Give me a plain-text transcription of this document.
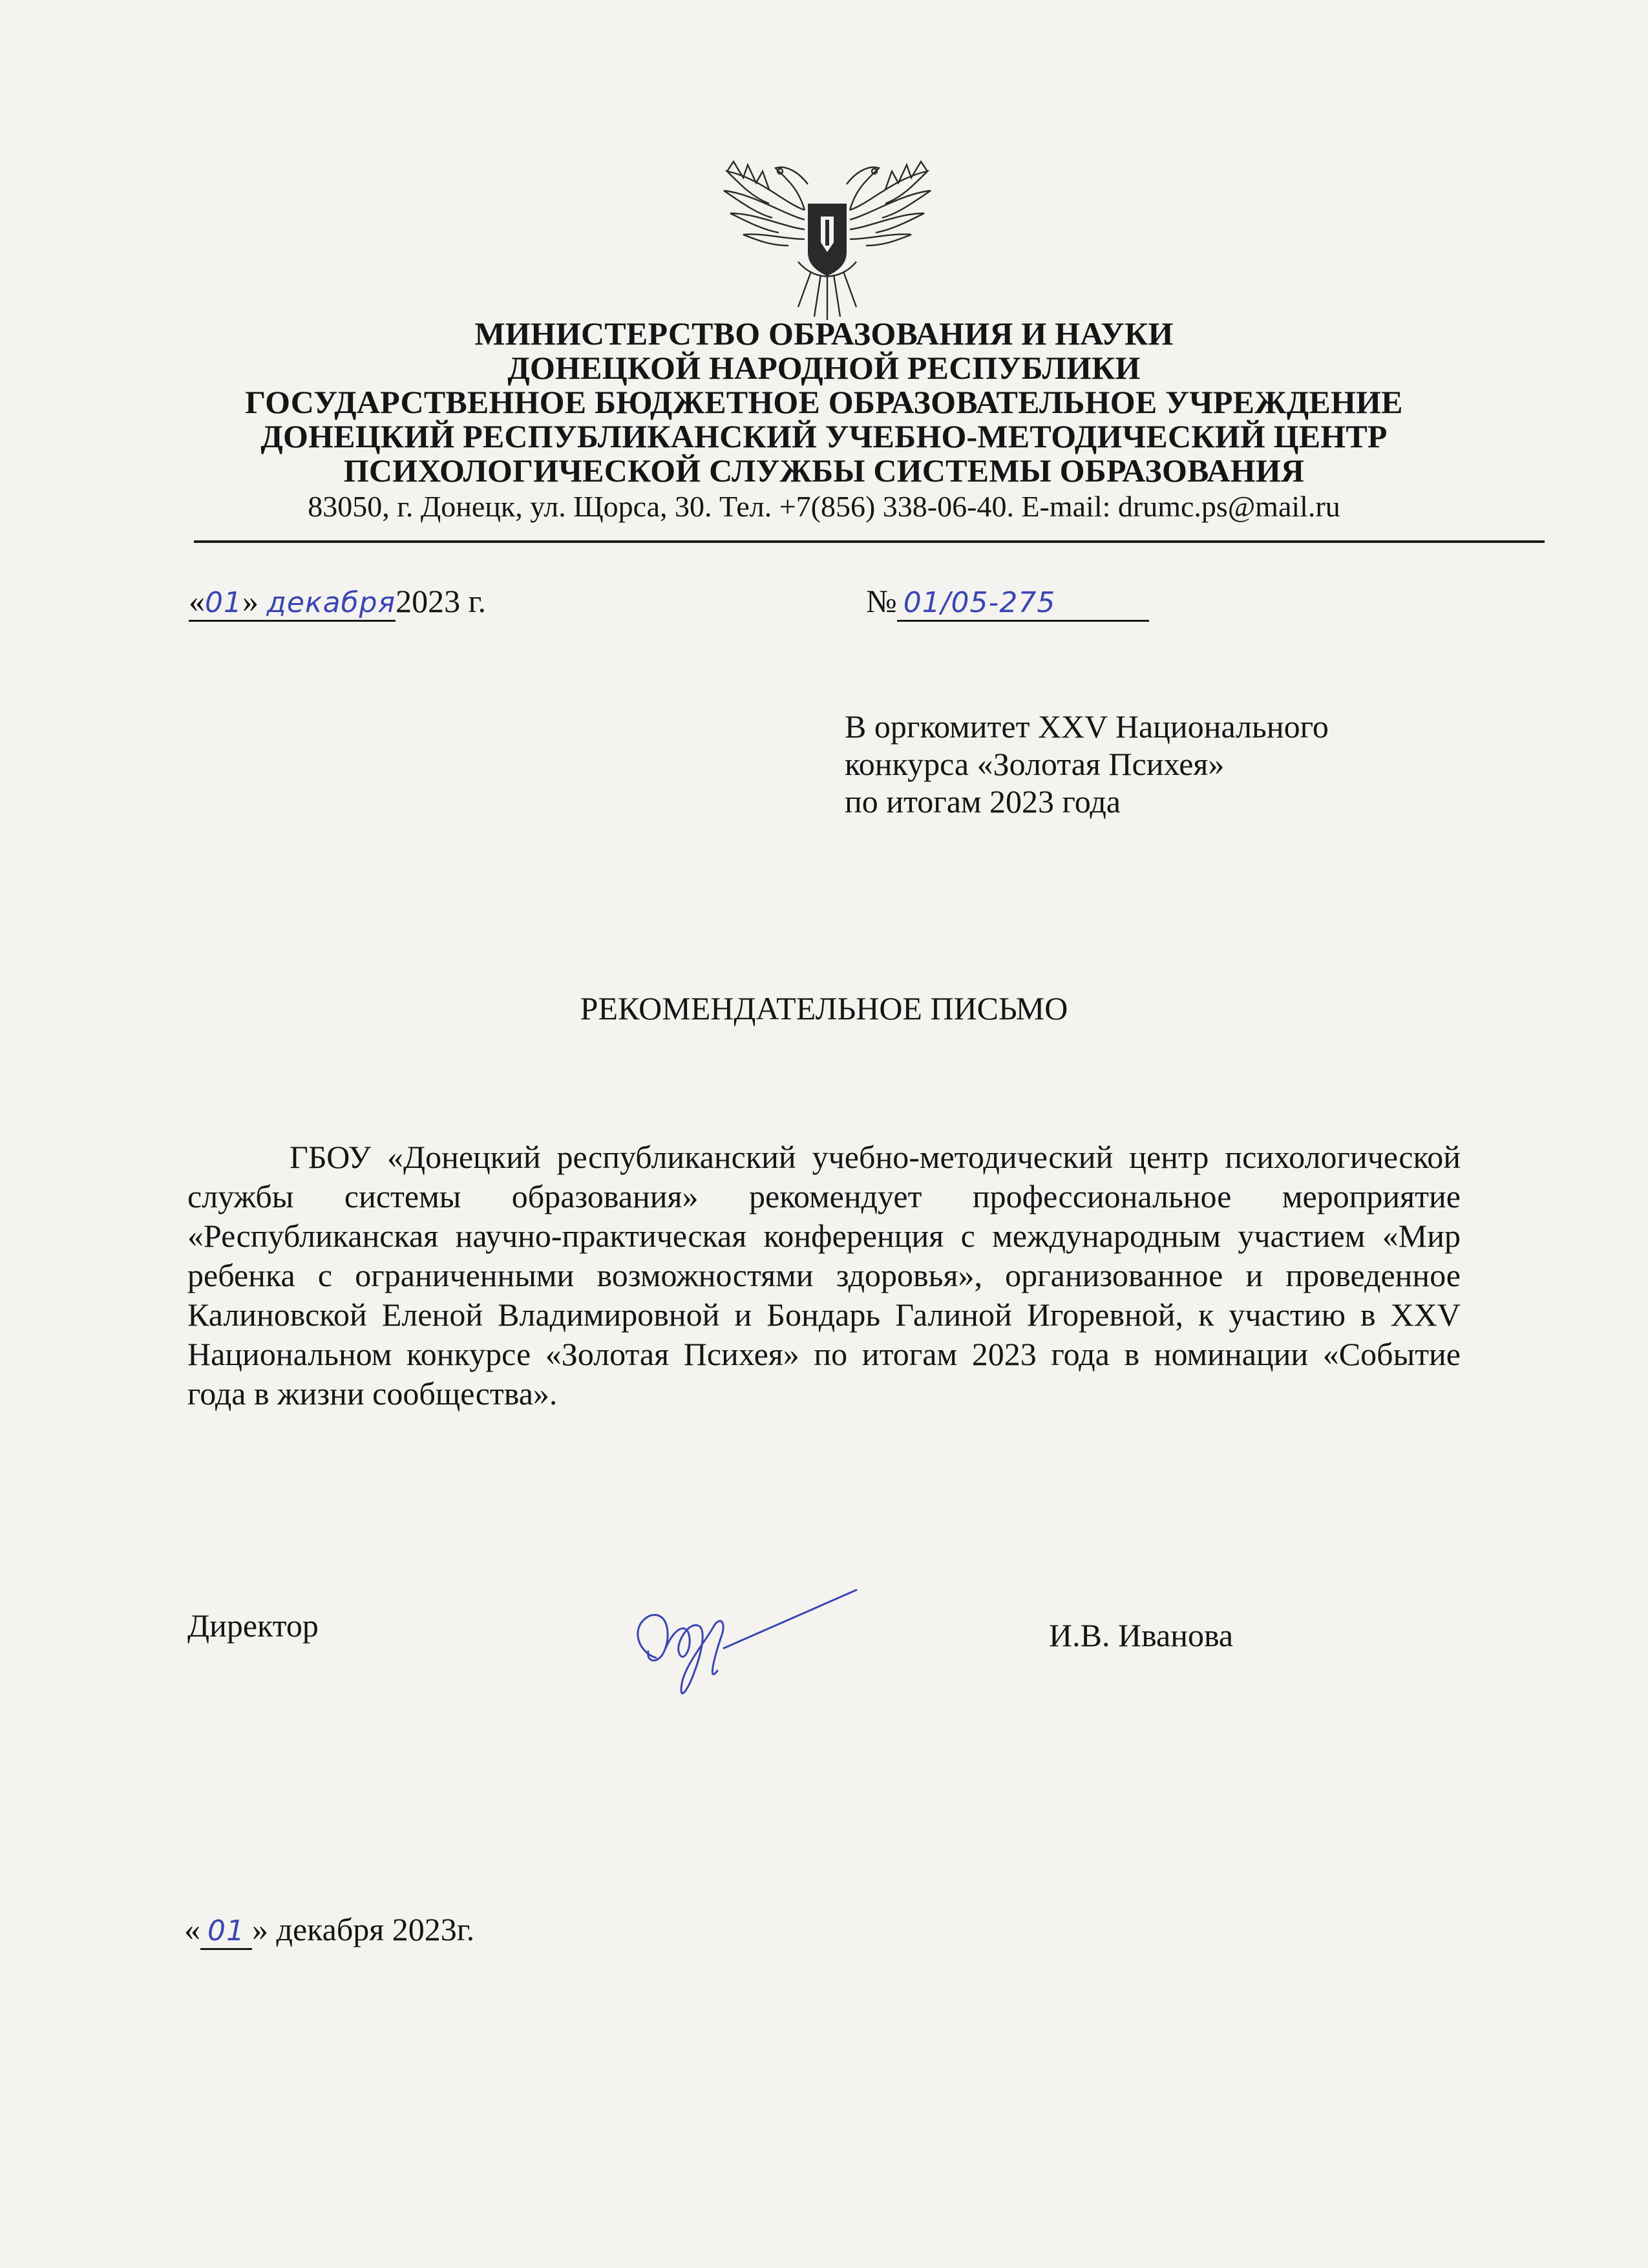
МИНИСТЕРСТВО ОБРАЗОВАНИЯ И НАУКИ
ДОНЕЦКОЙ НАРОДНОЙ РЕСПУБЛИКИ
ГОСУДАРСТВЕННОЕ БЮДЖЕТНОЕ ОБРАЗОВАТЕЛЬНОЕ УЧРЕЖДЕНИЕ
ДОНЕЦКИЙ РЕСПУБЛИКАНСКИЙ УЧЕБНО-МЕТОДИЧЕСКИЙ ЦЕНТР
ПСИХОЛОГИЧЕСКОЙ СЛУЖБЫ СИСТЕМЫ ОБРАЗОВАНИЯ
83050, г. Донецк, ул. Щорса, 30. Тел. +7(856) 338-06-40. E-mail: drumc.ps@mail.ru
«01» декабря2023 г.	№ 01/05-275
В оргкомитет XXV Национального
конкурса «Золотая Психея»
по итогам 2023 года
РЕКОМЕНДАТЕЛЬНОЕ ПИСЬМО
ГБОУ «Донецкий республиканский учебно-методический центр психологической службы системы образования» рекомендует профессиональное мероприятие «Республиканская научно-практическая конференция с международным участием «Мир ребенка с ограниченными возможностями здоровья», организованное и проведенное Калиновской Еленой Владимировной и Бондарь Галиной Игоревной, к участию в XXV Национальном конкурсе «Золотая Психея» по итогам 2023 года в номинации «Событие года в жизни сообщества».
Директор	И.В. Иванова
« 01 » декабря 2023г.
